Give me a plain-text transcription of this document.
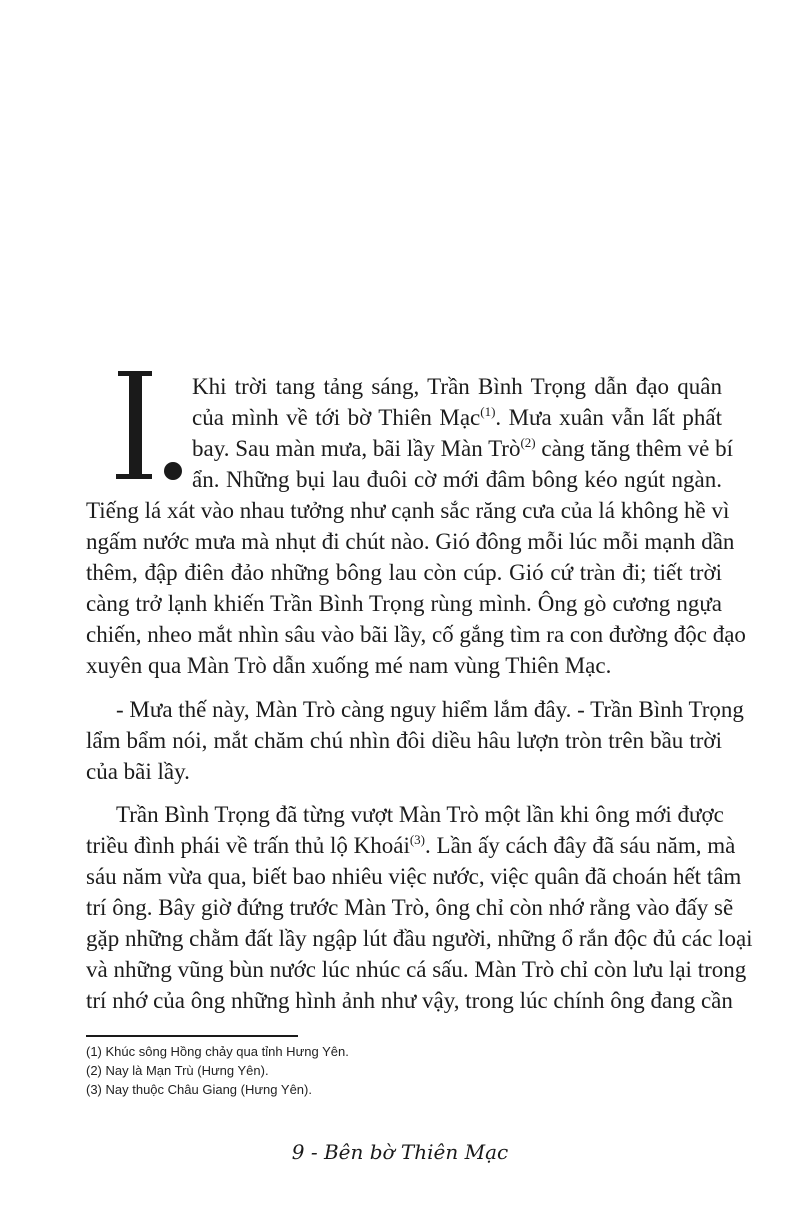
Khi trời tang tảng sáng, Trần Bình Trọng dẫn đạo quân
của mình về tới bờ Thiên Mạc$^{(1)}$. Mưa xuân vẫn lất phất
bay. Sau màn mưa, bãi lầy Màn Trò$^{(2)}$ càng tăng thêm vẻ bí
ẩn. Những bụi lau đuôi cờ mới đâm bông kéo ngút ngàn.
Tiếng lá xát vào nhau tưởng như cạnh sắc răng cưa của lá không hề vì
ngấm nước mưa mà nhụt đi chút nào. Gió đông mỗi lúc mỗi mạnh dần
thêm, đập điên đảo những bông lau còn cúp. Gió cứ tràn đi; tiết trời
càng trở lạnh khiến Trần Bình Trọng rùng mình. Ông gò cương ngựa
chiến, nheo mắt nhìn sâu vào bãi lầy, cố gắng tìm ra con đường độc đạo
xuyên qua Màn Trò dẫn xuống mé nam vùng Thiên Mạc.
- Mưa thế này, Màn Trò càng nguy hiểm lắm đây. - Trần Bình Trọng
lẩm bẩm nói, mắt chăm chú nhìn đôi diều hâu lượn tròn trên bầu trời
của bãi lầy.
Trần Bình Trọng đã từng vượt Màn Trò một lần khi ông mới được
triều đình phái về trấn thủ lộ Khoái$^{(3)}$. Lần ấy cách đây đã sáu năm, mà
sáu năm vừa qua, biết bao nhiêu việc nước, việc quân đã choán hết tâm
trí ông. Bây giờ đứng trước Màn Trò, ông chỉ còn nhớ rằng vào đấy sẽ
gặp những chằm đất lầy ngập lút đầu người, những ổ rắn độc đủ các loại
và những vũng bùn nước lúc nhúc cá sấu. Màn Trò chỉ còn lưu lại trong
trí nhớ của ông những hình ảnh như vậy, trong lúc chính ông đang cần
(1) Khúc sông Hồng chảy qua tỉnh Hưng Yên.
(2) Nay là Mạn Trù (Hưng Yên).
(3) Nay thuộc Châu Giang (Hưng Yên).
9 - Bên bờ Thiên Mạc
